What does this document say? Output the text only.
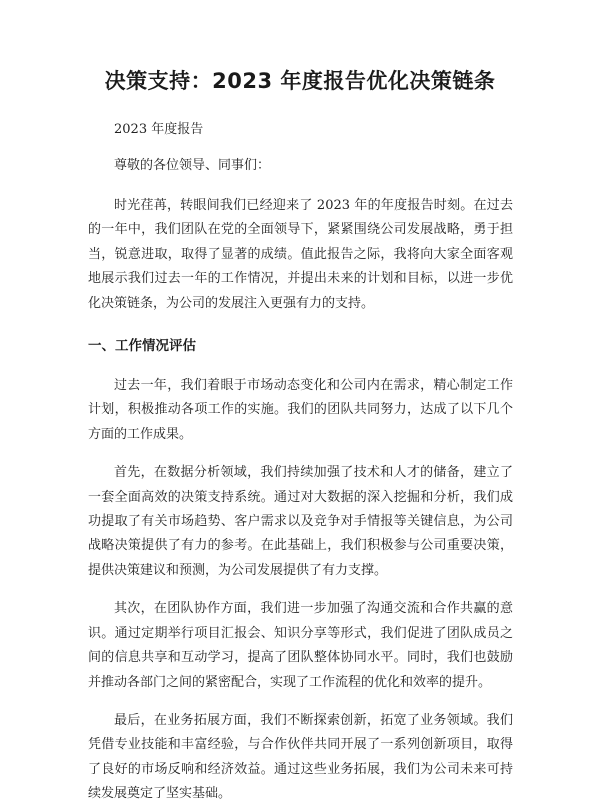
决策支持：2023 年度报告优化决策链条

2023 年度报告

尊敬的各位领导、同事们：

时光荏苒，转眼间我们已经迎来了 2023 年的年度报告时刻。在过去的一年中，我们团队在党的全面领导下，紧紧围绕公司发展战略，勇于担当，锐意进取，取得了显著的成绩。值此报告之际，我将向大家全面客观地展示我们过去一年的工作情况，并提出未来的计划和目标，以进一步优化决策链条，为公司的发展注入更强有力的支持。

一、工作情况评估

过去一年，我们着眼于市场动态变化和公司内在需求，精心制定工作计划，积极推动各项工作的实施。我们的团队共同努力，达成了以下几个方面的工作成果。

首先，在数据分析领域，我们持续加强了技术和人才的储备，建立了一套全面高效的决策支持系统。通过对大数据的深入挖掘和分析，我们成功提取了有关市场趋势、客户需求以及竞争对手情报等关键信息，为公司战略决策提供了有力的参考。在此基础上，我们积极参与公司重要决策，提供决策建议和预测，为公司发展提供了有力支撑。

其次，在团队协作方面，我们进一步加强了沟通交流和合作共赢的意识。通过定期举行项目汇报会、知识分享等形式，我们促进了团队成员之间的信息共享和互动学习，提高了团队整体协同水平。同时，我们也鼓励并推动各部门之间的紧密配合，实现了工作流程的优化和效率的提升。

最后，在业务拓展方面，我们不断探索创新，拓宽了业务领域。我们凭借专业技能和丰富经验，与合作伙伴共同开展了一系列创新项目，取得了良好的市场反响和经济效益。通过这些业务拓展，我们为公司未来可持续发展奠定了坚实基础。
